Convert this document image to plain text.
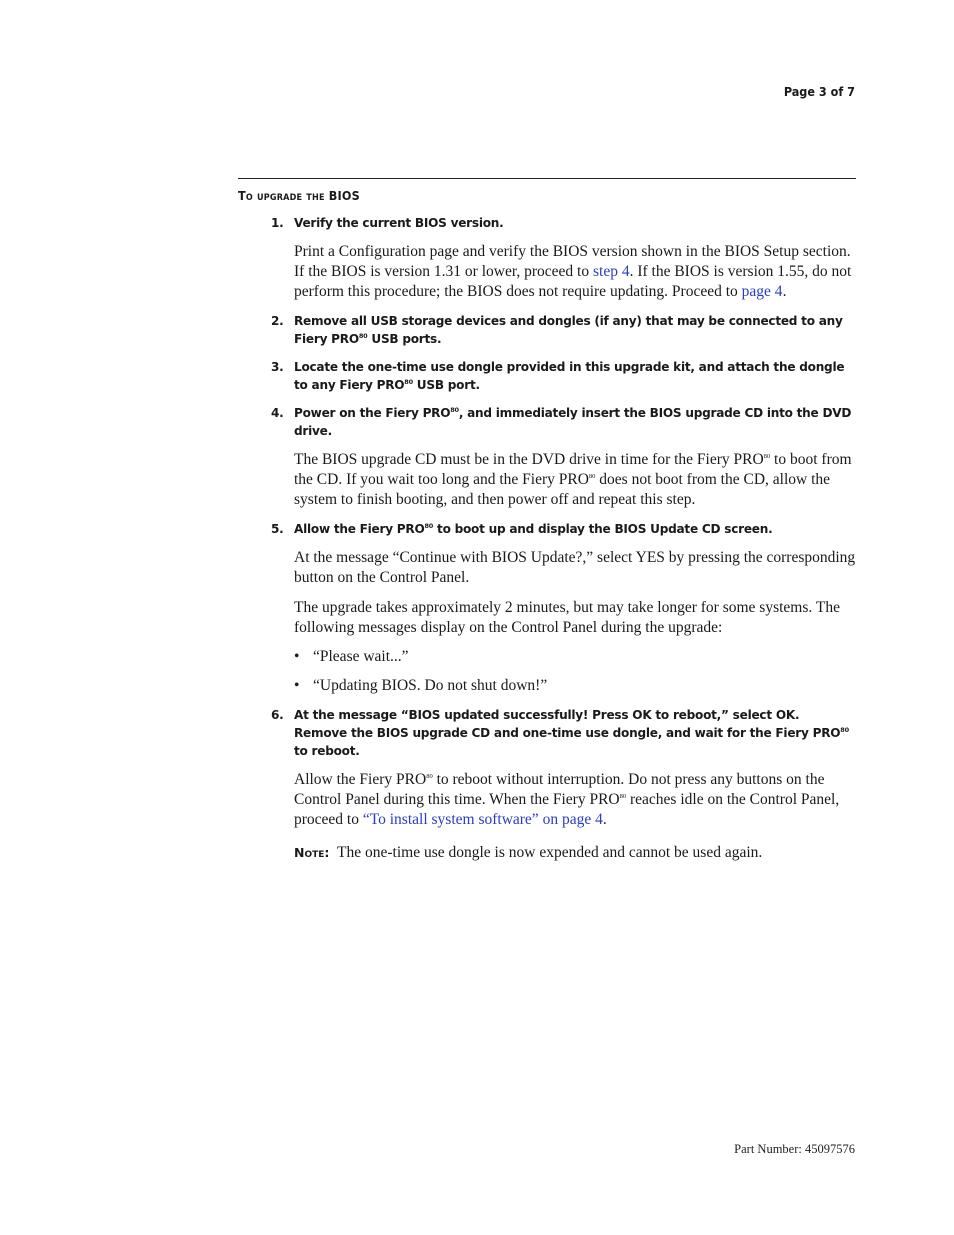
Page 3 of 7
To upgrade the BIOS
1. Verify the current BIOS version.
Print a Configuration page and verify the BIOS version shown in the BIOS Setup section. If the BIOS is version 1.31 or lower, proceed to step 4. If the BIOS is version 1.55, do not perform this procedure; the BIOS does not require updating. Proceed to page 4.
2. Remove all USB storage devices and dongles (if any) that may be connected to any Fiery PRO$^{80}$ USB ports.
3. Locate the one-time use dongle provided in this upgrade kit, and attach the dongle to any Fiery PRO$^{80}$ USB port.
4. Power on the Fiery PRO$^{80}$, and immediately insert the BIOS upgrade CD into the DVD drive.
The BIOS upgrade CD must be in the DVD drive in time for the Fiery PRO$^{80}$ to boot from the CD. If you wait too long and the Fiery PRO$^{80}$ does not boot from the CD, allow the system to finish booting, and then power off and repeat this step.
5. Allow the Fiery PRO$^{80}$ to boot up and display the BIOS Update CD screen.
At the message “Continue with BIOS Update?,” select YES by pressing the corresponding button on the Control Panel.
The upgrade takes approximately 2 minutes, but may take longer for some systems. The following messages display on the Control Panel during the upgrade:
• “Please wait...”
• “Updating BIOS. Do not shut down!”
6. At the message “BIOS updated successfully! Press OK to reboot,” select OK. Remove the BIOS upgrade CD and one-time use dongle, and wait for the Fiery PRO$^{80}$ to reboot.
Allow the Fiery PRO$^{80}$ to reboot without interruption. Do not press any buttons on the Control Panel during this time. When the Fiery PRO$^{80}$ reaches idle on the Control Panel, proceed to “To install system software” on page 4.
Note: The one-time use dongle is now expended and cannot be used again.
Part Number: 45097576
